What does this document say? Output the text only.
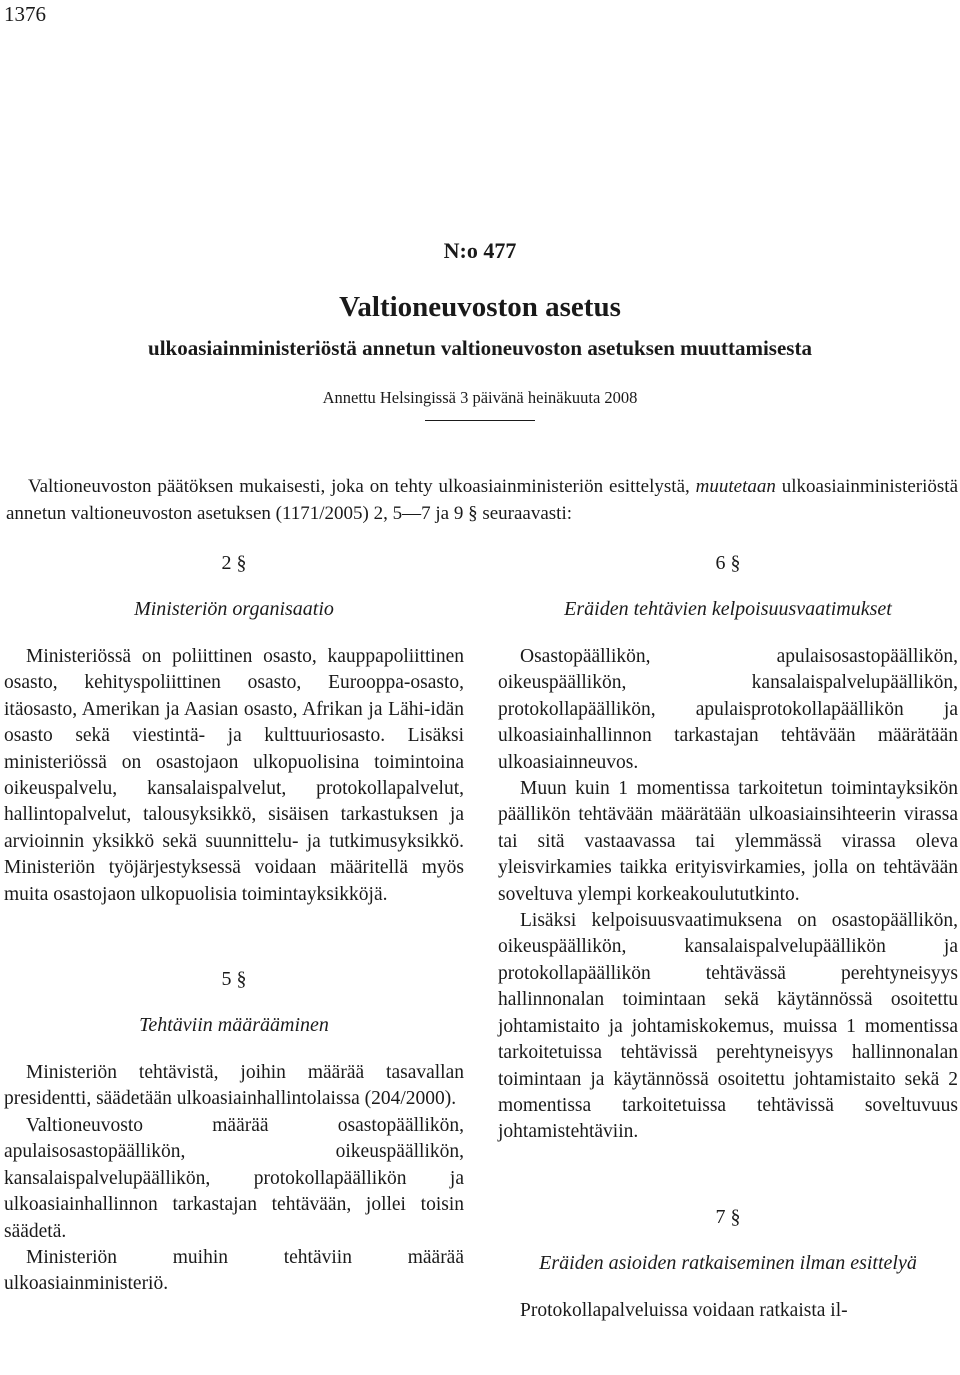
1376

N:o 477

Valtioneuvoston asetus

ulkoasiainministeriöstä annetun valtioneuvoston asetuksen muuttamisesta

Annettu Helsingissä 3 päivänä heinäkuuta 2008

Valtioneuvoston päätöksen mukaisesti, joka on tehty ulkoasiainministeriön esittelystä, muutetaan ulkoasiainministeriöstä annetun valtioneuvoston asetuksen (1171/2005) 2, 5—7 ja 9 § seuraavasti:

2 §

Ministeriön organisaatio

Ministeriössä on poliittinen osasto, kauppapoliittinen osasto, kehityspoliittinen osasto, Eurooppa-osasto, itäosasto, Amerikan ja Aasian osasto, Afrikan ja Lähi-idän osasto sekä viestintä- ja kulttuuriosasto. Lisäksi ministeriössä on osastojaon ulkopuolisina toimintoina oikeuspalvelu, kansalaispalvelut, protokollapalvelut, hallintopalvelut, talousyksikkö, sisäisen tarkastuksen ja arvioinnin yksikkö sekä suunnittelu- ja tutkimusyksikkö. Ministeriön työjärjestyksessä voidaan määritellä myös muita osastojaon ulkopuolisia toimintayksikköjä.

5 §

Tehtäviin määrääminen

Ministeriön tehtävistä, joihin määrää tasavallan presidentti, säädetään ulkoasiainhallintolaissa (204/2000).

Valtioneuvosto määrää osastopäällikön, apulaisosastopäällikön, oikeuspäällikön, kansalaispalvelupäällikön, protokollapäällikön ja ulkoasiainhallinnon tarkastajan tehtävään, jollei toisin säädetä.

Ministeriön muihin tehtäviin määrää ulkoasiainministeriö.

6 §

Eräiden tehtävien kelpoisuusvaatimukset

Osastopäällikön, apulaisosastopäällikön, oikeuspäällikön, kansalaispalvelupäällikön, protokollapäällikön, apulaisprotokollapäällikön ja ulkoasiainhallinnon tarkastajan tehtävään määrätään ulkoasiainneuvos.

Muun kuin 1 momentissa tarkoitetun toimintayksikön päällikön tehtävään määrätään ulkoasiainsihteerin virassa tai sitä vastaavassa tai ylemmässä virassa oleva yleisvirkamies taikka erityisvirkamies, jolla on tehtävään soveltuva ylempi korkeakoulututkinto.

Lisäksi kelpoisuusvaatimuksena on osastopäällikön, oikeuspäällikön, kansalaispalvelupäällikön ja protokollapäällikön tehtävässä perehtyneisyys hallinnonalan toimintaan sekä käytännössä osoitettu johtamistaito ja johtamiskokemus, muissa 1 momentissa tarkoitetuissa tehtävissä perehtyneisyys hallinnonalan toimintaan ja käytännössä osoitettu johtamistaito sekä 2 momentissa tarkoitetuissa tehtävissä soveltuvuus johtamistehtäviin.

7 §

Eräiden asioiden ratkaiseminen ilman esittelyä

Protokollapalveluissa voidaan ratkaista il-
